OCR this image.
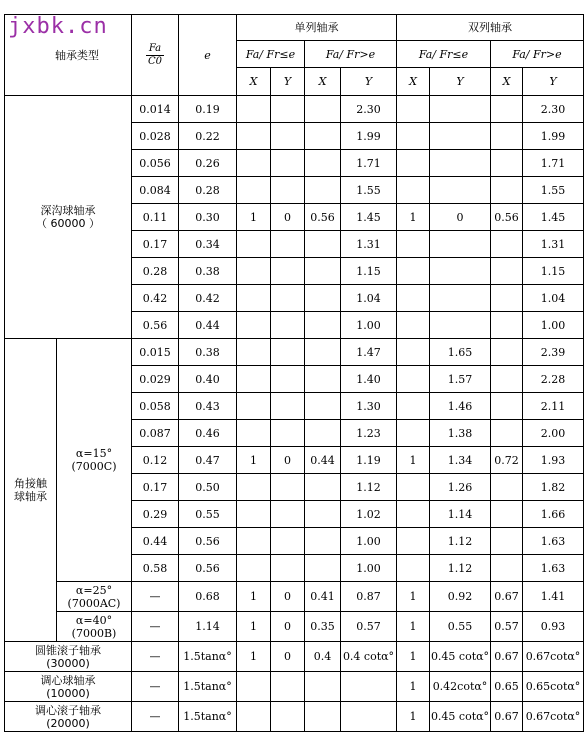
jxbk.cn
轴承类型		$\frac{Fa}{C0}$	e	单列轴承				双列轴承			
				Fa/ Fr≤e		Fa/ Fr>e		Fa/ Fr≤e		Fa/ Fr>e	
				X	Y	X	Y	X	Y	X	Y
深沟球轴承
（ 60000 ）		0.014	0.19				2.30				2.30
		0.028	0.22				1.99				1.99
		0.056	0.26				1.71				1.71
		0.084	0.28				1.55				1.55
		0.11	0.30	1	0	0.56	1.45	1	0	0.56	1.45
		0.17	0.34				1.31				1.31
		0.28	0.38				1.15				1.15
		0.42	0.42				1.04				1.04
		0.56	0.44				1.00				1.00
角接触
球轴承	α=15°
(7000C)	0.015	0.38				1.47		1.65		2.39
		0.029	0.40				1.40		1.57		2.28
		0.058	0.43				1.30		1.46		2.11
		0.087	0.46				1.23		1.38		2.00
		0.12	0.47	1	0	0.44	1.19	1	1.34	0.72	1.93
		0.17	0.50				1.12		1.26		1.82
		0.29	0.55				1.02		1.14		1.66
		0.44	0.56				1.00		1.12		1.63
		0.58	0.56				1.00		1.12		1.63
	α=25°
(7000AC)	—	0.68	1	0	0.41	0.87	1	0.92	0.67	1.41
	α=40°
(7000B)	—	1.14	1	0	0.35	0.57	1	0.55	0.57	0.93
圆锥滚子轴承
(30000)		—	1.5tanα°	1	0	0.4	0.4 cotα°	1	0.45 cotα°	0.67	0.67cotα°
调心球轴承
(10000)		—	1.5tanα°					1	0.42cotα°	0.65	0.65cotα°
调心滚子轴承
(20000)		—	1.5tanα°					1	0.45 cotα°	0.67	0.67cotα°
